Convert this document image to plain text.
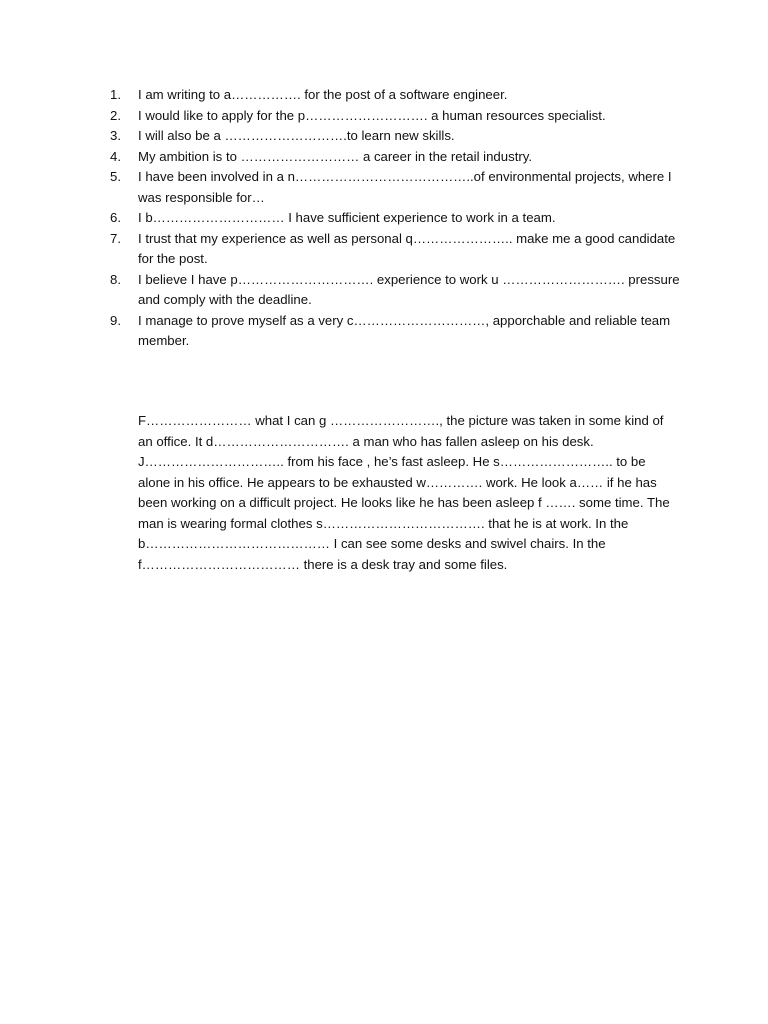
1.	I am writing to a……………. for the post of a software engineer.
2.	I would like to apply for the p………………………. a human resources specialist.
3.	I will also be a ……………………….to learn new skills.
4.	My ambition is to ……………………… a career in the retail industry.
5.	I have been involved in a n…………………………………..of environmental projects, where I was responsible for…
6.	I b………………………… I have sufficient experience to work in a team.
7.	I trust that my experience as well as personal q………………….. make me a good candidate for the post.
8.	I believe I have p…………………………. experience to work u ………………………. pressure and comply with the deadline.
9.	I manage to prove myself as a very c…………………………, apporchable and reliable team member.

F…………………… what I can g ……………………., the picture was taken in some kind of an office. It d…………………………. a man who has fallen asleep on his desk. J………………………….. from his face , he’s fast asleep. He s…………………….. to be alone in his office. He appears to be exhausted w…………. work. He look a…… if he has been working on a difficult project. He looks like he has been asleep f ……. some time. The man is wearing formal clothes s………………………………. that he is at work. In the b…………………………………… I can see some desks and swivel chairs. In the f……………………………… there is a desk tray and some files.
